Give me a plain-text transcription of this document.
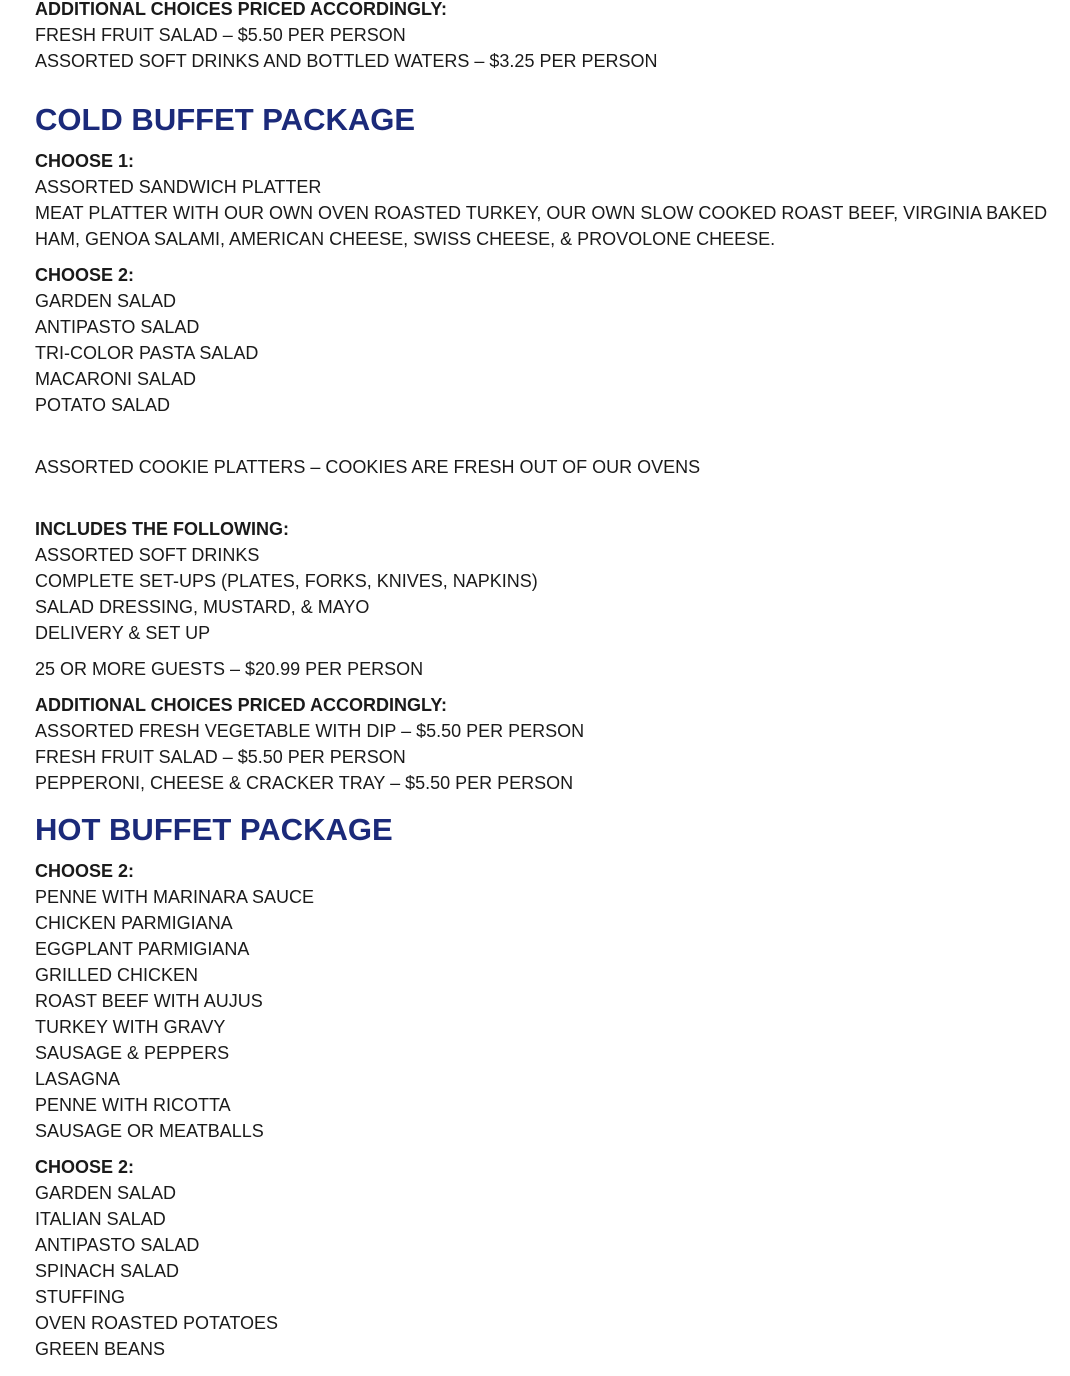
ADDITIONAL CHOICES PRICED ACCORDINGLY:
FRESH FRUIT SALAD – $5.50 PER PERSON
ASSORTED SOFT DRINKS AND BOTTLED WATERS – $3.25 PER PERSON
COLD BUFFET PACKAGE
CHOOSE 1:
ASSORTED SANDWICH PLATTER
MEAT PLATTER WITH OUR OWN OVEN ROASTED TURKEY, OUR OWN SLOW COOKED ROAST BEEF, VIRGINIA BAKED HAM, GENOA SALAMI, AMERICAN CHEESE, SWISS CHEESE, & PROVOLONE CHEESE.
CHOOSE 2:
GARDEN SALAD
ANTIPASTO SALAD
TRI-COLOR PASTA SALAD
MACARONI SALAD
POTATO SALAD
ASSORTED COOKIE PLATTERS – COOKIES ARE FRESH OUT OF OUR OVENS
INCLUDES THE FOLLOWING:
ASSORTED SOFT DRINKS
COMPLETE SET-UPS (PLATES, FORKS, KNIVES, NAPKINS)
SALAD DRESSING, MUSTARD, & MAYO
DELIVERY & SET UP
25 OR MORE GUESTS – $20.99 PER PERSON
ADDITIONAL CHOICES PRICED ACCORDINGLY:
ASSORTED FRESH VEGETABLE WITH DIP – $5.50 PER PERSON
FRESH FRUIT SALAD – $5.50 PER PERSON
PEPPERONI, CHEESE & CRACKER TRAY – $5.50 PER PERSON
HOT BUFFET PACKAGE
CHOOSE 2:
PENNE WITH MARINARA SAUCE
CHICKEN PARMIGIANA
EGGPLANT PARMIGIANA
GRILLED CHICKEN
ROAST BEEF WITH AUJUS
TURKEY WITH GRAVY
SAUSAGE & PEPPERS
LASAGNA
PENNE WITH RICOTTA
SAUSAGE OR MEATBALLS
CHOOSE 2:
GARDEN SALAD
ITALIAN SALAD
ANTIPASTO SALAD
SPINACH SALAD
STUFFING
OVEN ROASTED POTATOES
GREEN BEANS
